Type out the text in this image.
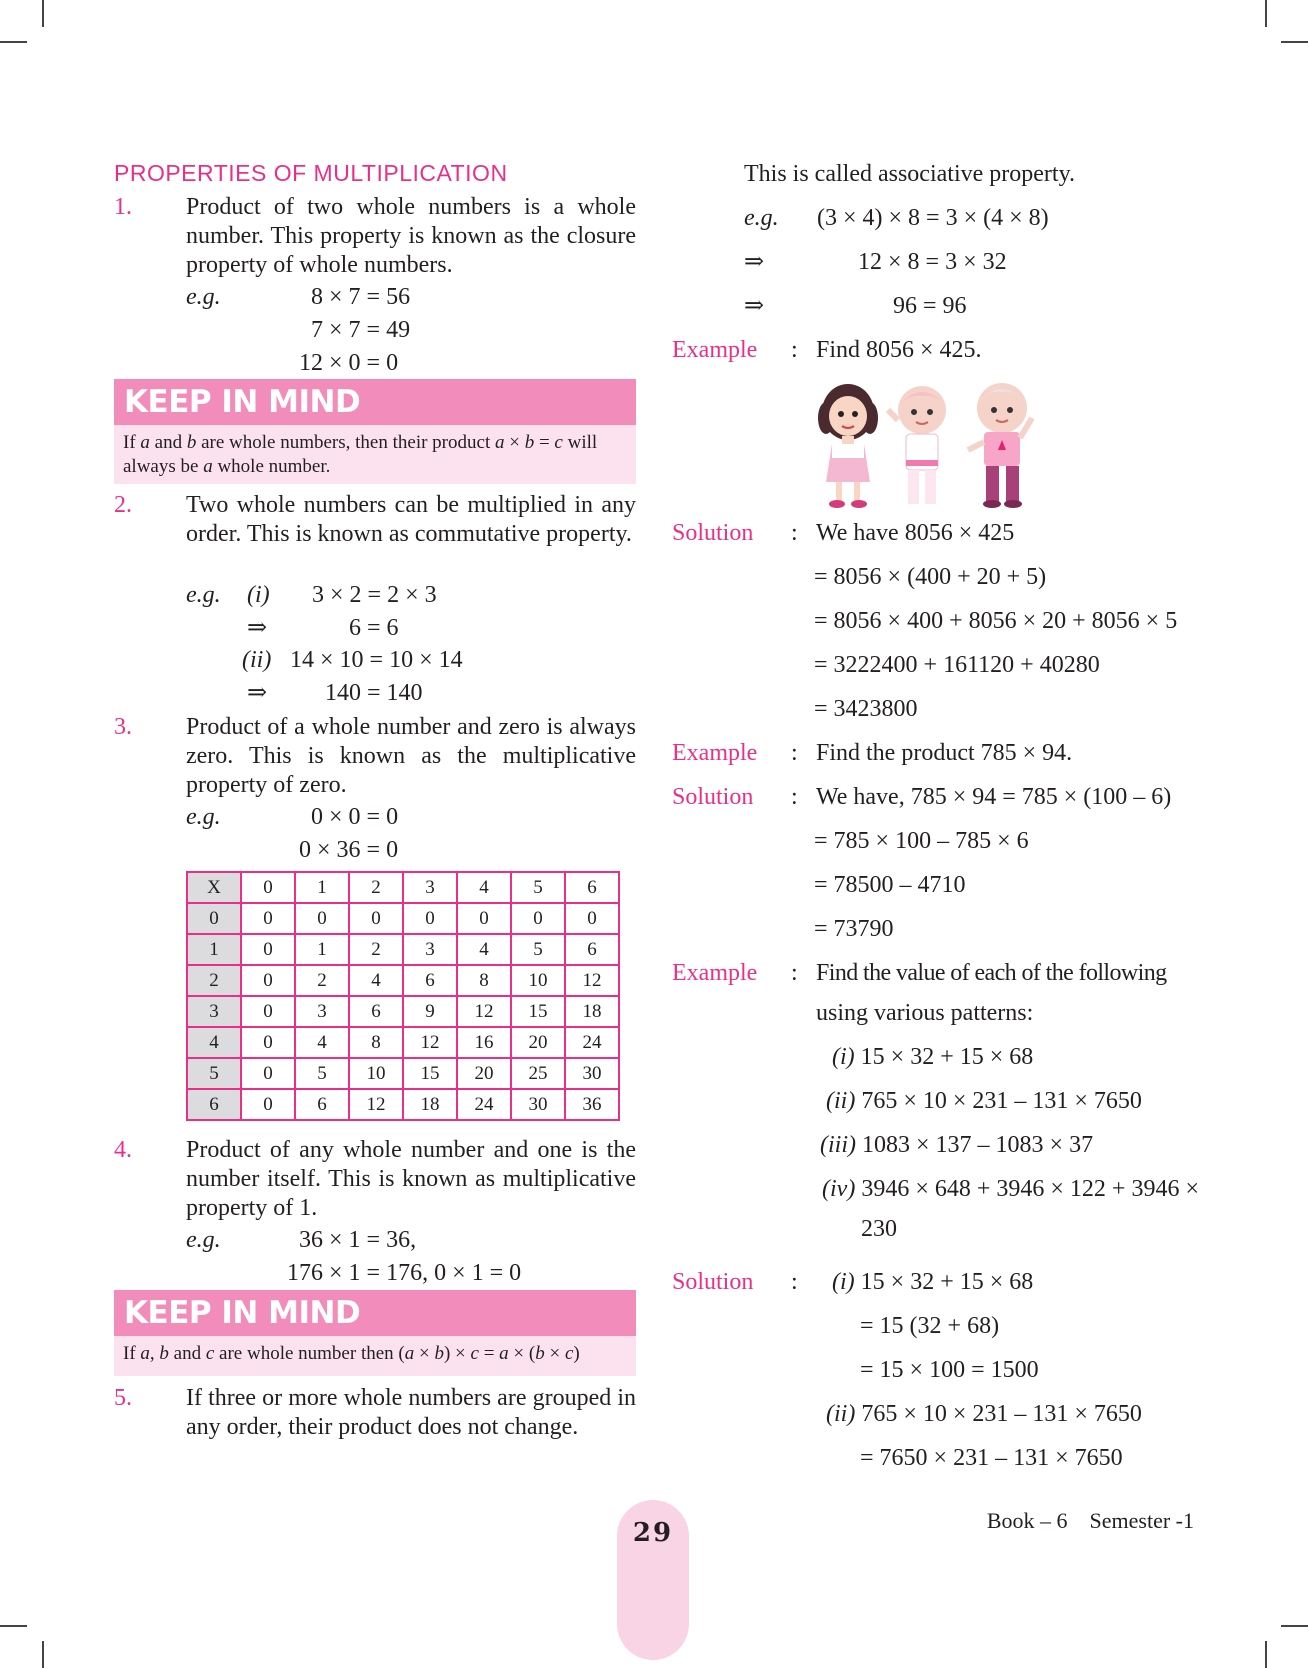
PROPERTIES OF MULTIPLICATION
1. Product of two whole numbers is a whole number. This property is known as the closure property of whole numbers.
e.g.	8 × 7 = 56
7 × 7 = 49
12 × 0 = 0
KEEP IN MIND
If a and b are whole numbers, then their product a × b = c will always be a whole number.
2. Two whole numbers can be multiplied in any order. This is known as commutative property.
e.g. (i) 3 × 2 = 2 × 3
⇒	6 = 6
(ii) 14 × 10 = 10 × 14
⇒ 140 = 140
3. Product of a whole number and zero is always zero. This is known as the multiplicative property of zero.
e.g.	0 × 0 = 0
0 × 36 = 0
X	0	1	2	3	4	5	6
0	0	0	0	0	0	0	0
1	0	1	2	3	4	5	6
2	0	2	4	6	8	10	12
3	0	3	6	9	12	15	18
4	0	4	8	12	16	20	24
5	0	5	10	15	20	25	30
6	0	6	12	18	24	30	36
4. Product of any whole number and one is the number itself. This is known as multiplicative property of 1.
e.g.	36 × 1 = 36,
176 × 1 = 176, 0 × 1 = 0
KEEP IN MIND
If a, b and c are whole number then (a × b) × c = a × (b × c)
5. If three or more whole numbers are grouped in any order, their product does not change.
This is called associative property.
e.g. (3 × 4) × 8 = 3 × (4 × 8)
⇒	12 × 8 = 3 × 32
⇒	96 = 96
Example : Find 8056 × 425.
Solution : We have 8056 × 425
= 8056 × (400 + 20 + 5)
= 8056 × 400 + 8056 × 20 + 8056 × 5
= 3222400 + 161120 + 40280
= 3423800
Example : Find the product 785 × 94.
Solution : We have, 785 × 94 = 785 × (100 – 6)
= 785 × 100 – 785 × 6
= 78500 – 4710
= 73790
Example : Find the value of each of the following
using various patterns:
(i) 15 × 32 + 15 × 68
(ii) 765 × 10 × 231 – 131 × 7650
(iii) 1083 × 137 – 1083 × 37
(iv) 3946 × 648 + 3946 × 122 + 3946 ×
230
Solution : (i) 15 × 32 + 15 × 68
= 15 (32 + 68)
= 15 × 100 = 1500
(ii) 765 × 10 × 231 – 131 × 7650
= 7650 × 231 – 131 × 7650
29	Book – 6    Semester -1
